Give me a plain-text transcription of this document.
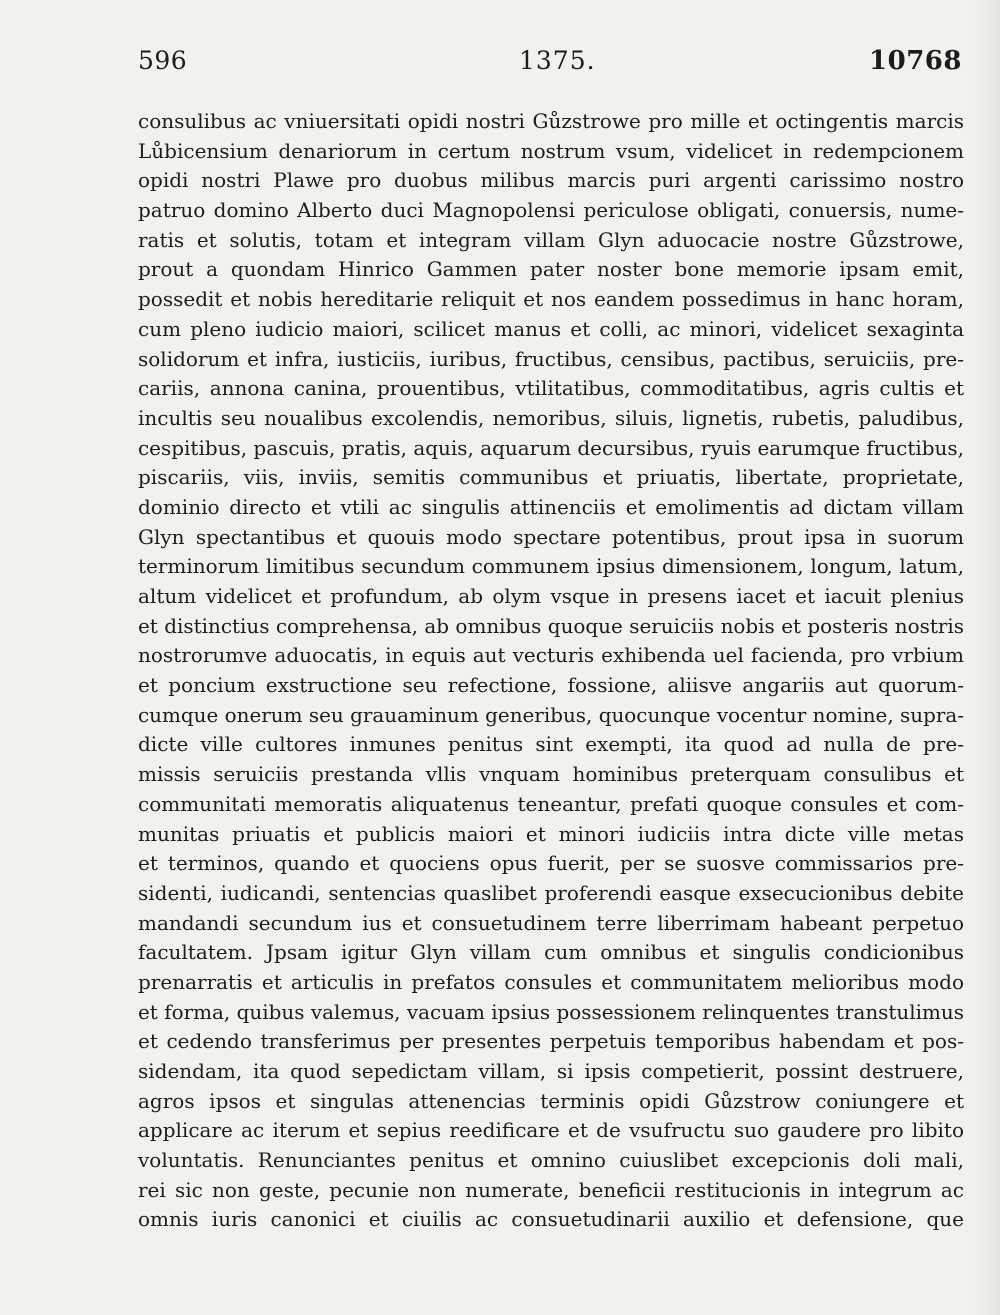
596	1375.	10768
consulibus ac vniuersitati opidi nostri Gůzstrowe pro mille et octingentis marcis
Lůbicensium denariorum in certum nostrum vsum, videlicet in redempcionem
opidi nostri Plawe pro duobus milibus marcis puri argenti carissimo nostro
patruo domino Alberto duci Magnopolensi periculose obligati, conuersis, nume-
ratis et solutis, totam et integram villam Glyn aduocacie nostre Gůzstrowe,
prout a quondam Hinrico Gammen pater noster bone memorie ipsam emit,
possedit et nobis hereditarie reliquit et nos eandem possedimus in hanc horam,
cum pleno iudicio maiori, scilicet manus et colli, ac minori, videlicet sexaginta
solidorum et infra, iusticiis, iuribus, fructibus, censibus, pactibus, seruiciis, pre-
cariis, annona canina, prouentibus, vtilitatibus, commoditatibus, agris cultis et
incultis seu noualibus excolendis, nemoribus, siluis, lignetis, rubetis, paludibus,
cespitibus, pascuis, pratis, aquis, aquarum decursibus, ryuis earumque fructibus,
piscariis, viis, inviis, semitis communibus et priuatis, libertate, proprietate,
dominio directo et vtili ac singulis attinenciis et emolimentis ad dictam villam
Glyn spectantibus et quouis modo spectare potentibus, prout ipsa in suorum
terminorum limitibus secundum communem ipsius dimensionem, longum, latum,
altum videlicet et profundum, ab olym vsque in presens iacet et iacuit plenius
et distinctius comprehensa, ab omnibus quoque seruiciis nobis et posteris nostris
nostrorumve aduocatis, in equis aut vecturis exhibenda uel facienda, pro vrbium
et poncium exstructione seu refectione, fossione, aliisve angariis aut quorum-
cumque onerum seu grauaminum generibus, quocunque vocentur nomine, supra-
dicte ville cultores inmunes penitus sint exempti, ita quod ad nulla de pre-
missis seruiciis prestanda vllis vnquam hominibus preterquam consulibus et
communitati memoratis aliquatenus teneantur, prefati quoque consules et com-
munitas priuatis et publicis maiori et minori iudiciis intra dicte ville metas
et terminos, quando et quociens opus fuerit, per se suosve commissarios pre-
sidenti, iudicandi, sentencias quaslibet proferendi easque exsecucionibus debite
mandandi secundum ius et consuetudinem terre liberrimam habeant perpetuo
facultatem. Jpsam igitur Glyn villam cum omnibus et singulis condicionibus
prenarratis et articulis in prefatos consules et communitatem melioribus modo
et forma, quibus valemus, vacuam ipsius possessionem relinquentes transtulimus
et cedendo transferimus per presentes perpetuis temporibus habendam et pos-
sidendam, ita quod sepedictam villam, si ipsis competierit, possint destruere,
agros ipsos et singulas attenencias terminis opidi Gůzstrow coniungere et
applicare ac iterum et sepius reedificare et de vsufructu suo gaudere pro libito
voluntatis. Renunciantes penitus et omnino cuiuslibet excepcionis doli mali,
rei sic non geste, pecunie non numerate, beneficii restitucionis in integrum ac
omnis iuris canonici et ciuilis ac consuetudinarii auxilio et defensione, que
